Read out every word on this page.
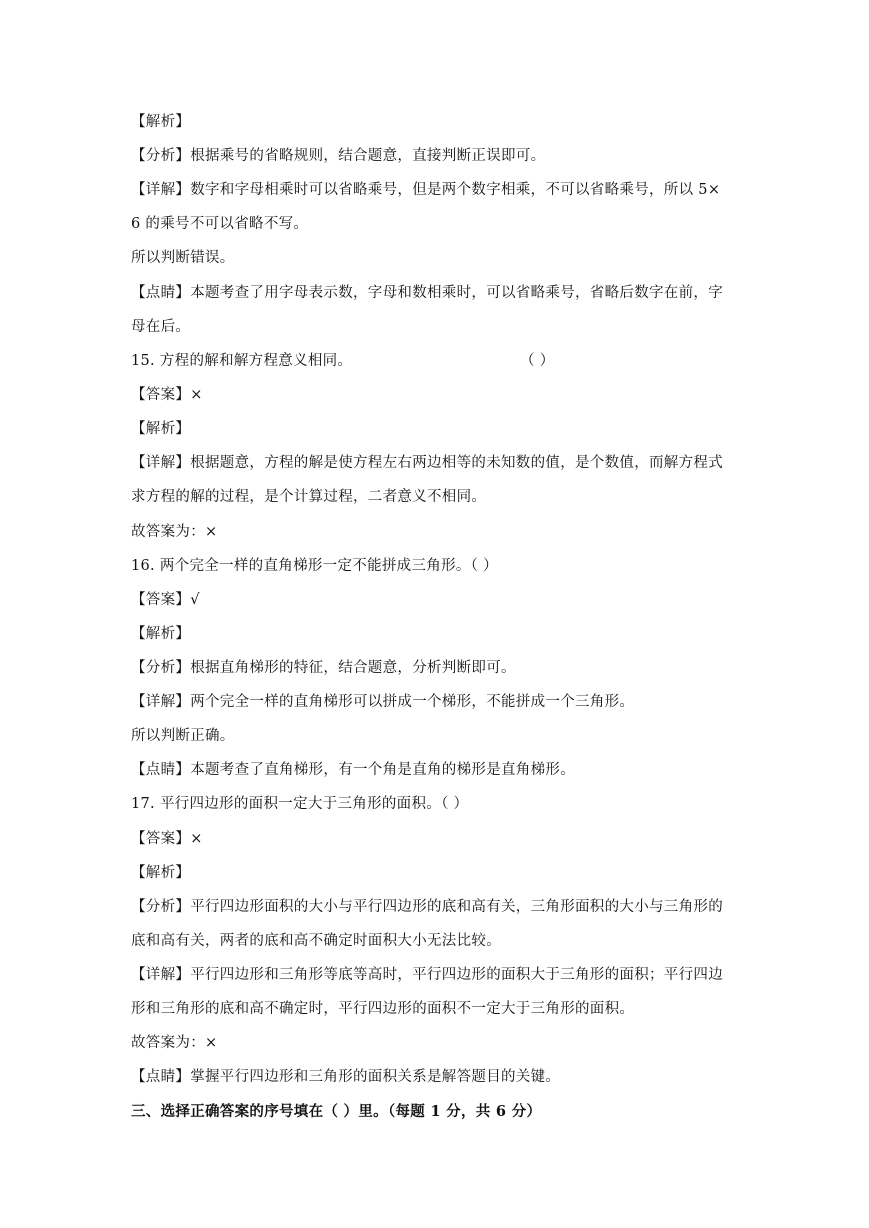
【解析】
【分析】根据乘号的省略规则，结合题意，直接判断正误即可。
【详解】数字和字母相乘时可以省略乘号，但是两个数字相乘，不可以省略乘号，所以 5×
6 的乘号不可以省略不写。
所以判断错误。
【点睛】本题考查了用字母表示数，字母和数相乘时，可以省略乘号，省略后数字在前，字
母在后。
15. 方程的解和解方程意义相同。	（ ）
【答案】×
【解析】
【详解】根据题意，方程的解是使方程左右两边相等的未知数的值，是个数值，而解方程式
求方程的解的过程，是个计算过程，二者意义不相同。
故答案为：×
16. 两个完全一样的直角梯形一定不能拼成三角形。（ ）
【答案】√
【解析】
【分析】根据直角梯形的特征，结合题意，分析判断即可。
【详解】两个完全一样的直角梯形可以拼成一个梯形，不能拼成一个三角形。
所以判断正确。
【点睛】本题考查了直角梯形，有一个角是直角的梯形是直角梯形。
17. 平行四边形的面积一定大于三角形的面积。（ ）
【答案】×
【解析】
【分析】平行四边形面积的大小与平行四边形的底和高有关，三角形面积的大小与三角形的
底和高有关，两者的底和高不确定时面积大小无法比较。
【详解】平行四边形和三角形等底等高时，平行四边形的面积大于三角形的面积；平行四边
形和三角形的底和高不确定时，平行四边形的面积不一定大于三角形的面积。
故答案为：×
【点睛】掌握平行四边形和三角形的面积关系是解答题目的关键。
三、选择正确答案的序号填在（ ）里。（每题 1 分，共 6 分）
